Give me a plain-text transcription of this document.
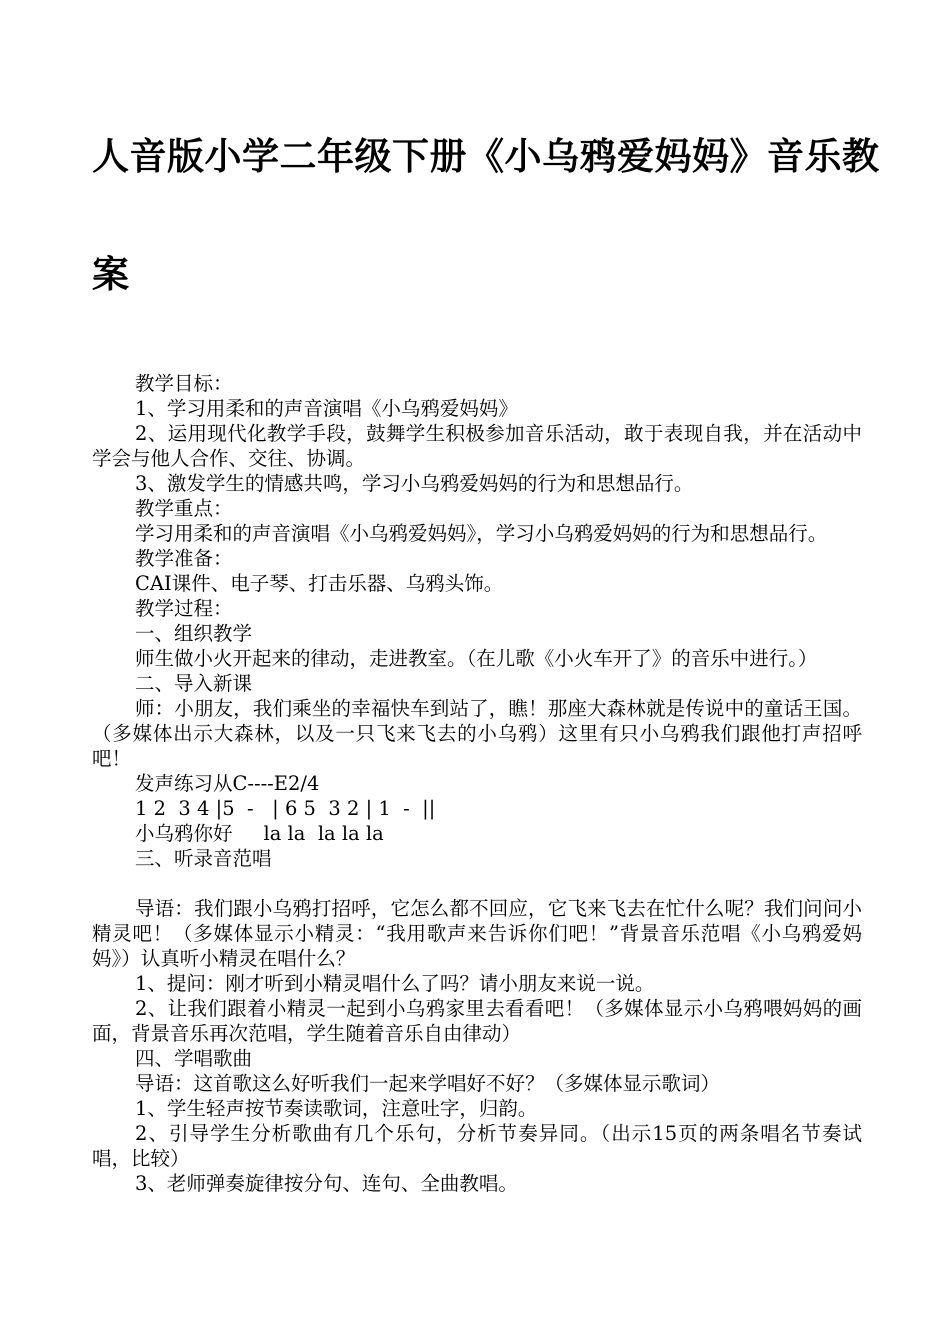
人音版小学二年级下册《小乌鸦爱妈妈》音乐教
案

教学目标：

1、学习用柔和的声音演唱《小乌鸦爱妈妈》

2、运用现代化教学手段，鼓舞学生积极参加音乐活动，敢于表现自我，并在活动中学会与他人合作、交往、协调。

3、激发学生的情感共鸣，学习小乌鸦爱妈妈的行为和思想品行。

教学重点：

学习用柔和的声音演唱《小乌鸦爱妈妈》，学习小乌鸦爱妈妈的行为和思想品行。

教学准备：

CAI课件、电子琴、打击乐器、乌鸦头饰。

教学过程：

一、组织教学

师生做小火开起来的律动，走进教室。（在儿歌《小火车开了》的音乐中进行。）

二、导入新课

师：小朋友，我们乘坐的幸福快车到站了，瞧！那座大森林就是传说中的童话王国。（多媒体出示大森林，以及一只飞来飞去的小乌鸦）这里有只小乌鸦我们跟他打声招呼吧！

发声练习从C----E2/4

1 2  3 4 |5  -   | 6 5  3 2 | 1  -  ||

小乌鸦你好     la la  la la la

三、听录音范唱

导语：我们跟小乌鸦打招呼，它怎么都不回应，它飞来飞去在忙什么呢？我们问问小精灵吧！（多媒体显示小精灵：“我用歌声来告诉你们吧！”背景音乐范唱《小乌鸦爱妈妈》）认真听小精灵在唱什么？

1、提问：刚才听到小精灵唱什么了吗？请小朋友来说一说。

2、让我们跟着小精灵一起到小乌鸦家里去看看吧！（多媒体显示小乌鸦喂妈妈的画面，背景音乐再次范唱，学生随着音乐自由律动）

四、学唱歌曲

导语：这首歌这么好听我们一起来学唱好不好？（多媒体显示歌词）

1、学生轻声按节奏读歌词，注意吐字，归韵。

2、引导学生分析歌曲有几个乐句，分析节奏异同。（出示15页的两条唱名节奏试唱，比较）

3、老师弹奏旋律按分句、连句、全曲教唱。
